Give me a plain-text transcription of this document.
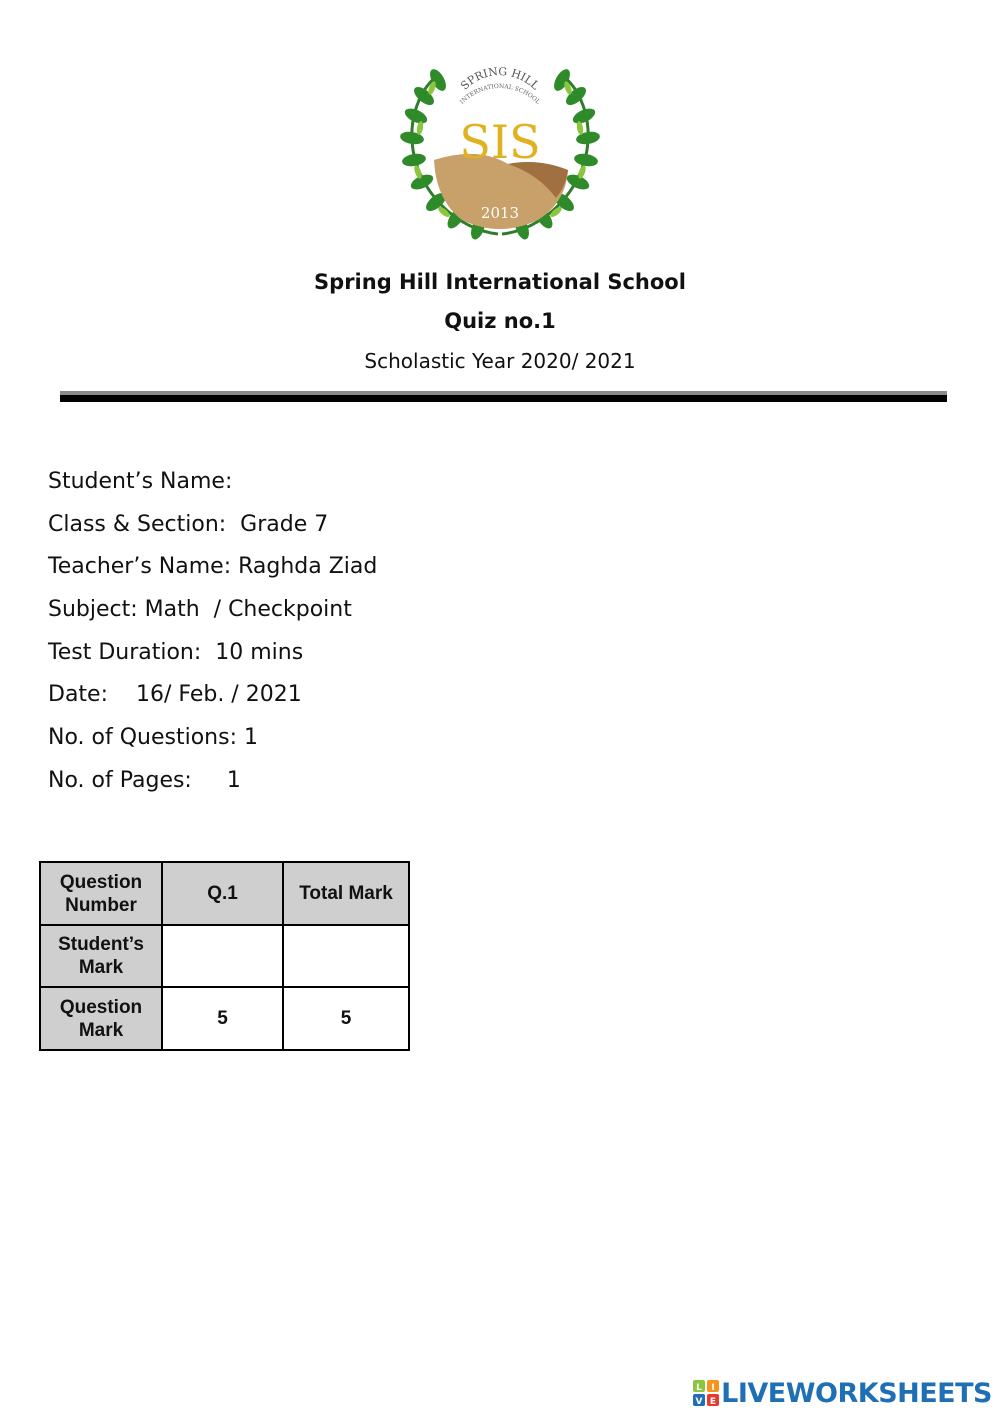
SPRING HILL
INTERNATIONAL SCHOOL
SIS
2013
Spring Hill International School
Quiz no.1
Scholastic Year 2020/ 2021
Student’s Name:
Class & Section:  Grade 7
Teacher’s Name: Raghda Ziad
Subject: Math  / Checkpoint
Test Duration:  10 mins
Date:    16/ Feb. / 2021
No. of Questions: 1
No. of Pages:     1
Question
Number	Q.1	Total Mark
Student’s
Mark		
Question
Mark	5	5
L I
V E LIVEWORKSHEETS
